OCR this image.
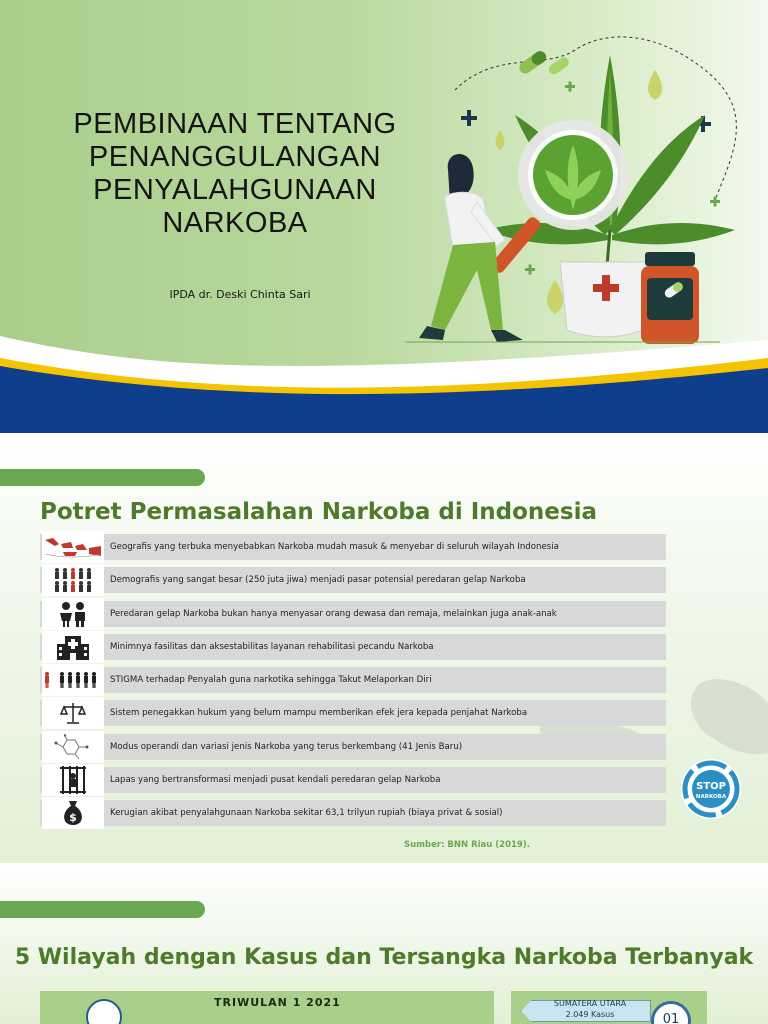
PEMBINAAN TENTANG
PENANGGULANGAN
PENYALAHGUNAAN
NARKOBA
IPDA dr. Deski Chinta Sari
Potret Permasalahan Narkoba di Indonesia
Geografis yang terbuka menyebabkan Narkoba mudah masuk & menyebar di seluruh wilayah Indonesia
Demografis yang sangat besar (250 juta jiwa) menjadi pasar potensial peredaran gelap Narkoba
Peredaran gelap Narkoba bukan hanya menyasar orang dewasa dan remaja, melainkan juga anak-anak
Minimnya fasilitas dan aksestabilitas layanan rehabilitasi pecandu Narkoba
STIGMA terhadap Penyalah guna narkotika sehingga Takut Melaporkan Diri
Sistem penegakkan hukum yang belum mampu memberikan efek jera kepada penjahat Narkoba
Modus operandi dan variasi jenis Narkoba yang terus berkembang (41 Jenis Baru)
Lapas yang bertransformasi menjadi pusat kendali peredaran gelap Narkoba
$	Kerugian akibat penyalahgunaan Narkoba sekitar 63,1 trilyun rupiah (biaya privat & sosial)
Sumber: BNN Riau (2019).
STOP
NARKOBA
5 Wilayah dengan Kasus dan Tersangka Narkoba Terbanyak
TRIWULAN 1 2021	SUMATERA UTARA
2.049 Kasus	01
